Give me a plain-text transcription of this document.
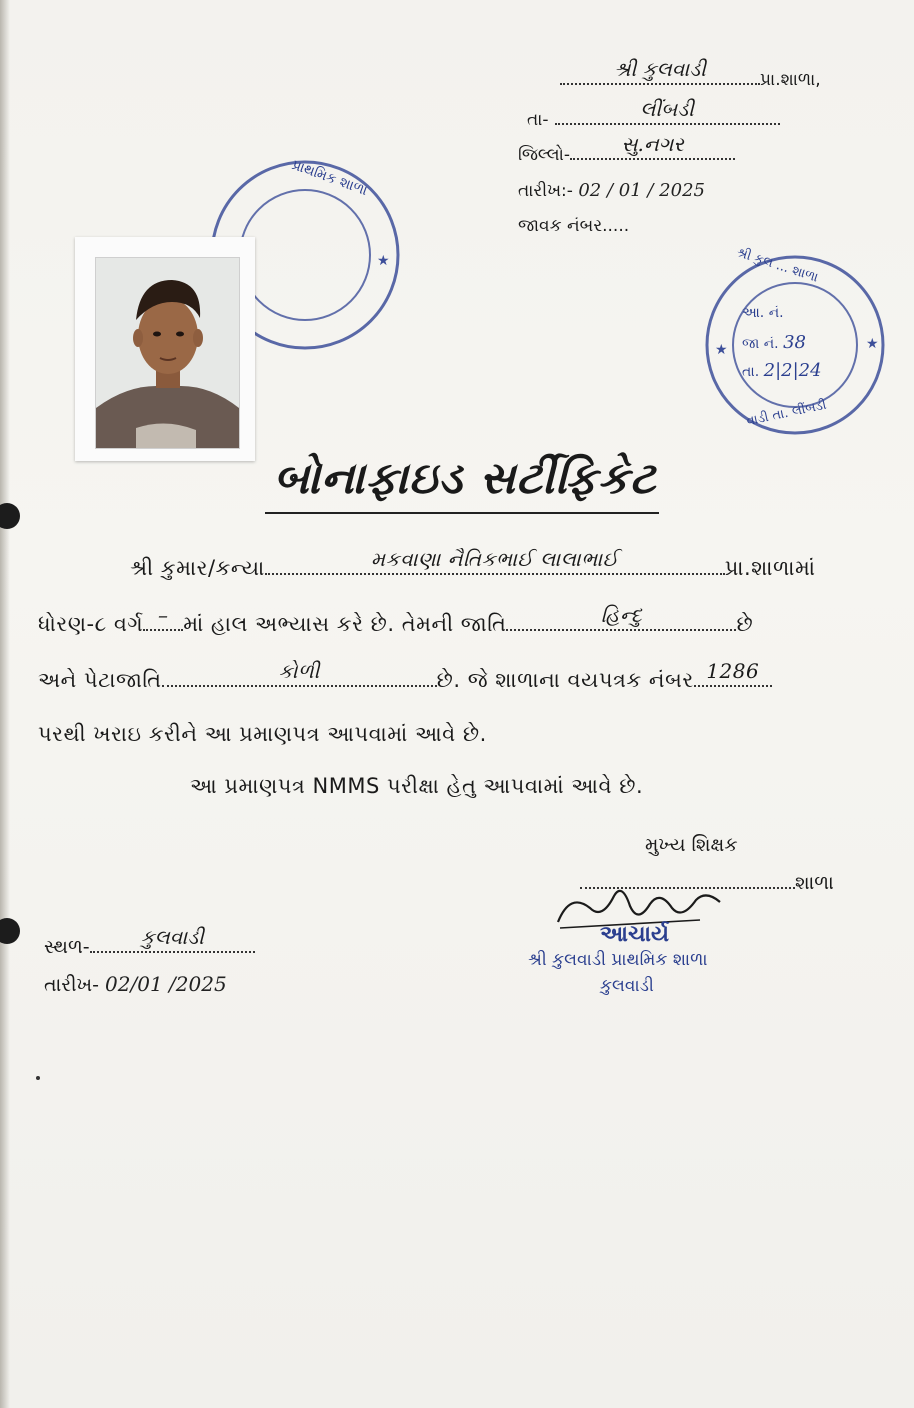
શ્રી કુલવાડી	પ્રા.શાળા,
તા-	લીંબડી
જિલ્લો-	સુ.નગર
તારીખ:- 02 / 01 / 2025
જાવક નંબર.....
★	★
શ્રી કુલ ... શાળા
આ. નં.
જા નં. 38
તા. 2|2|24
વાડી તા. લીંબડી
★
પ્રાથમિક શાળા
બોનાફાઇડ સર્ટીફિકેટ
શ્રી કુમાર/કન્યા	મકવાણા નૈતિકભાઈ લાલાભાઈ	પ્રા.શાળામાં
ધોરણ-૮ વર્ગ – માં હાલ અભ્યાસ કરે છે. તેમની જાતિ	હિન્દુ	છે
અને પેટાજાતિ	કોળી	છે. જે શાળાના વયપત્રક નંબર 1286
પરથી ખરાઇ કરીને આ પ્રમાણપત્ર આપવામાં આવે છે.
આ પ્રમાણપત્ર NMMS પરીક્ષા હેતુ આપવામાં આવે છે.
મુખ્ય શિક્ષક
શાળા
આચાર્ય
શ્રી કુલવાડી પ્રાથમિક શાળા
કુલવાડી
સ્થળ-	કુલવાડી
તારીખ- 02/01 /2025
